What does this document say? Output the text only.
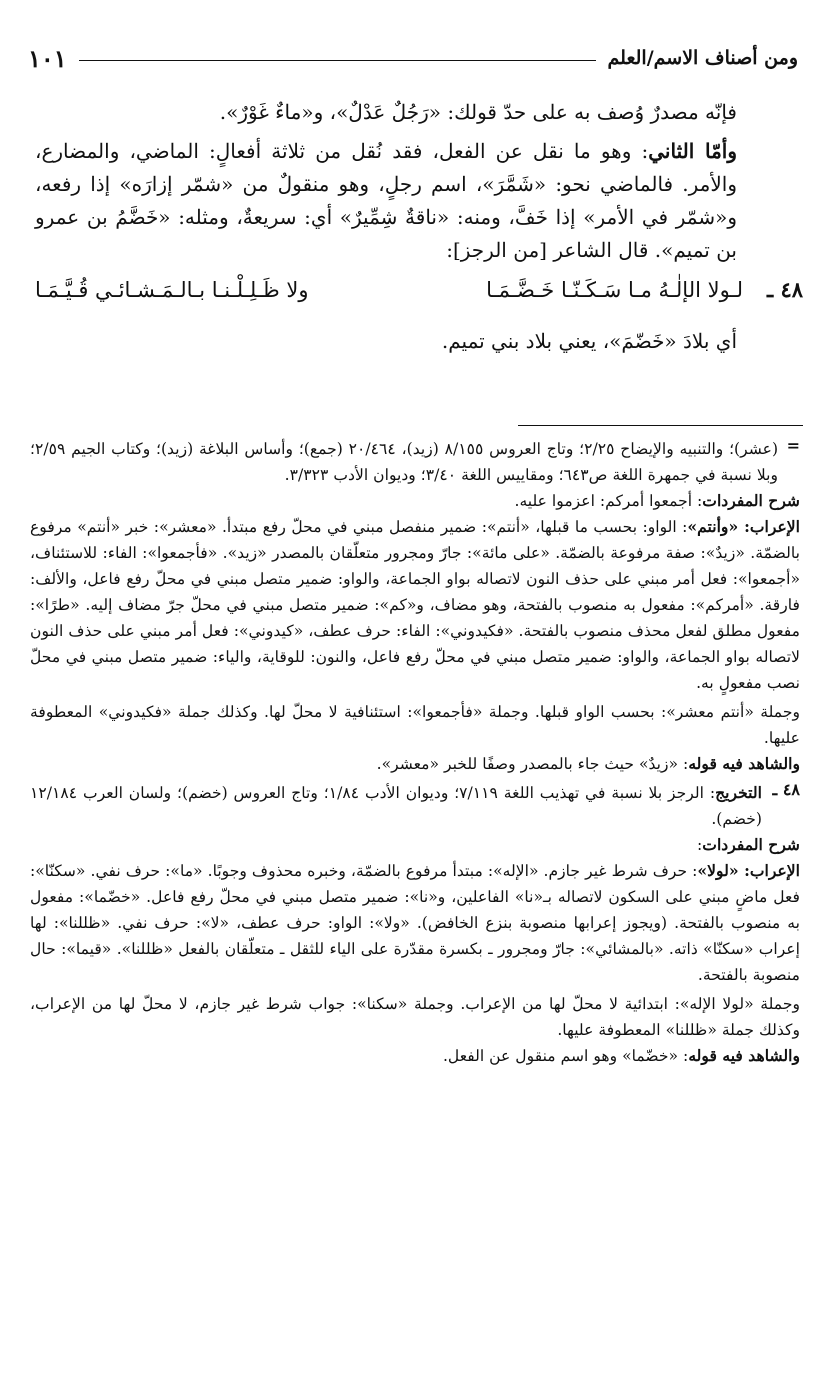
ومن أصناف الاسم/العلم
١٠١

فإنّه مصدرٌ وُصف به على حدّ قولك: «رَجُلٌ عَدْلٌ»، و«ماءٌ غَوْرٌ».

وأمّا الثاني: وهو ما نقل عن الفعل، فقد نُقل من ثلاثة أفعالٍ: الماضي، والمضارع، والأمر. فالماضي نحو: «شَمَّرَ»، اسم رجلٍ، وهو منقولٌ من «شمّر إزارَه» إذا رفعه، و«شمّر في الأمر» إذا خَفَّ، ومنه: «ناقةٌ شِمِّيرٌ» أي: سريعةٌ، ومثله: «خَضَّمُ بن عمرو بن تميم». قال الشاعر [من الرجز]:

٤٨ ـ
لـولا الإلٰـهُ مـا سَـكَـنّـا خَـضَّـمَـا
ولا ظَـلِـلْـنـا بـالـمَـشـائـي قُـيَّـمَـا

أي بلادَ «خَضّمَ»، يعني بلاد بني تميم.

=

(عشر)؛ والتنبيه والإيضاح ٢/٢٥؛ وتاج العروس ٨/١٥٥ (زيد)، ٢٠/٤٦٤ (جمع)؛ وأساس البلاغة (زيد)؛ وكتاب الجيم ٢/٥٩؛ وبلا نسبة في جمهرة اللغة ص٦٤٣؛ ومقاييس اللغة ٣/٤٠؛ وديوان الأدب ٣/٣٢٣.

شرح المفردات: أجمعوا أمركم: اعزموا عليه.

الإعراب: «وأنتم»: الواو: بحسب ما قبلها، «أنتم»: ضمير منفصل مبني في محلّ رفع مبتدأ. «معشر»: خبر «أنتم» مرفوع بالضمّة. «زيدٌ»: صفة مرفوعة بالضمّة. «على مائة»: جارّ ومجرور متعلّقان بالمصدر «زيد». «فأجمعوا»: الفاء: للاستئناف، «أجمعوا»: فعل أمر مبني على حذف النون لاتصاله بواو الجماعة، والواو: ضمير متصل مبني في محلّ رفع فاعل، والألف: فارقة. «أمركم»: مفعول به منصوب بالفتحة، وهو مضاف، و«كم»: ضمير متصل مبني في محلّ جرّ مضاف إليه. «طرًا»: مفعول مطلق لفعل محذف منصوب بالفتحة. «فكيدوني»: الفاء: حرف عطف، «كيدوني»: فعل أمر مبني على حذف النون لاتصاله بواو الجماعة، والواو: ضمير متصل مبني في محلّ رفع فاعل، والنون: للوقاية، والياء: ضمير متصل مبني في محلّ نصب مفعولٍ به.

وجملة «أنتم معشر»: بحسب الواو قبلها. وجملة «فأجمعوا»: استئنافية لا محلّ لها. وكذلك جملة «فكيدوني» المعطوفة عليها.

والشاهد فيه قوله: «زيدٌ» حيث جاء بالمصدر وصفًا للخبر «معشر».

٤٨ ـ

التخريج: الرجز بلا نسبة في تهذيب اللغة ٧/١١٩؛ وديوان الأدب ١/٨٤؛ وتاج العروس (خضم)؛ ولسان العرب ١٢/١٨٤ (خضم).

شرح المفردات:

الإعراب: «لولا»: حرف شرط غير جازم. «الإله»: مبتدأ مرفوع بالضمّة، وخبره محذوف وجوبًا. «ما»: حرف نفي. «سكنّا»: فعل ماضٍ مبني على السكون لاتصاله بـ«نا» الفاعلين، و«نا»: ضمير متصل مبني في محلّ رفع فاعل. «خضّما»: مفعول به منصوب بالفتحة. (ويجوز إعرابها منصوبة بنزع الخافض). «ولا»: الواو: حرف عطف، «لا»: حرف نفي. «ظللنا»: لها إعراب «سكنّا» ذاته. «بالمشائي»: جارّ ومجرور ـ بكسرة مقدّرة على الياء للثقل ـ متعلّقان بالفعل «ظللنا». «قيما»: حال منصوبة بالفتحة.

وجملة «لولا الإله»: ابتدائية لا محلّ لها من الإعراب. وجملة «سكنا»: جواب شرط غير جازم، لا محلّ لها من الإعراب، وكذلك جملة «ظللنا» المعطوفة عليها.

والشاهد فيه قوله: «خضّما» وهو اسم منقول عن الفعل.
